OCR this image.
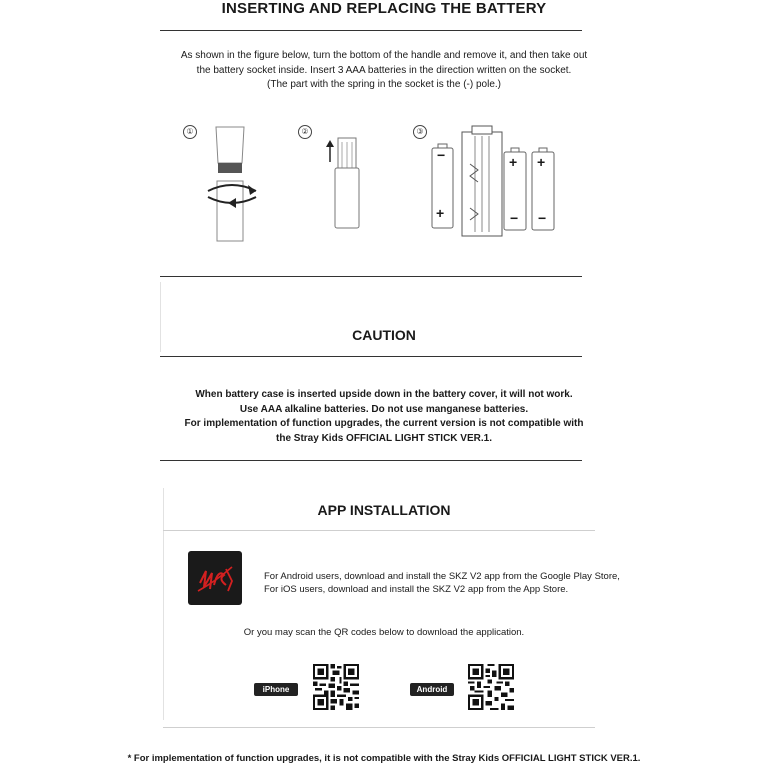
INSERTING AND REPLACING THE BATTERY
As shown in the figure below, turn the bottom of the handle and remove it, and then take out
the battery socket inside. Insert 3 AAA batteries in the direction written on the socket.
(The part with the spring in the socket is the (-) pole.)
①	②	③
−
+
+
−
+
−
CAUTION
When battery case is inserted upside down in the battery cover, it will not work.
Use AAA alkaline batteries. Do not use manganese batteries.
For implementation of function upgrades, the current version is not compatible with
the Stray Kids OFFICIAL LIGHT STICK VER.1.
APP INSTALLATION
For Android users, download and install the SKZ V2 app from the Google Play Store,
For iOS users, download and install the SKZ V2 app from the App Store.
Or you may scan the QR codes below to download the application.
iPhone	Android
* For implementation of function upgrades, it is not compatible with the Stray Kids OFFICIAL LIGHT STICK VER.1.
